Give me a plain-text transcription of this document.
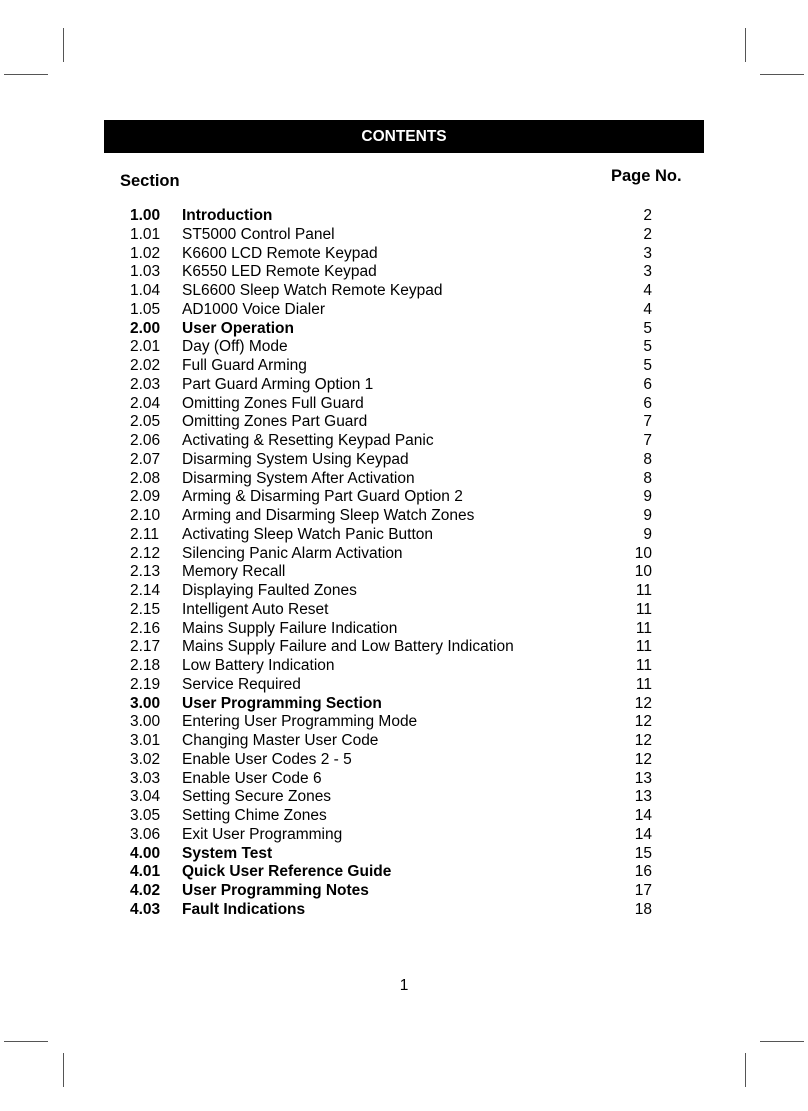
CONTENTS
Section	Page No.
1.00 Introduction	2
1.01 ST5000 Control Panel	2
1.02 K6600 LCD Remote Keypad	3
1.03 K6550 LED Remote Keypad	3
1.04 SL6600 Sleep Watch Remote Keypad	4
1.05 AD1000 Voice Dialer	4
2.00 User Operation	5
2.01 Day (Off) Mode	5
2.02 Full Guard Arming	5
2.03 Part Guard Arming Option 1	6
2.04 Omitting Zones Full Guard	6
2.05 Omitting Zones Part Guard	7
2.06 Activating & Resetting Keypad Panic	7
2.07 Disarming System Using Keypad	8
2.08 Disarming System After Activation	8
2.09 Arming & Disarming Part Guard Option 2	9
2.10 Arming and Disarming Sleep Watch Zones	9
2.11 Activating Sleep Watch Panic Button	9
2.12 Silencing Panic Alarm Activation	10
2.13 Memory Recall	10
2.14 Displaying Faulted Zones	11
2.15 Intelligent Auto Reset	11
2.16 Mains Supply Failure Indication	11
2.17 Mains Supply Failure and Low Battery Indication	11
2.18 Low Battery Indication	11
2.19 Service Required	11
3.00 User Programming Section	12
3.00 Entering User Programming Mode	12
3.01 Changing Master User Code	12
3.02 Enable User Codes 2 - 5	12
3.03 Enable User Code 6	13
3.04 Setting Secure Zones	13
3.05 Setting Chime Zones	14
3.06 Exit User Programming	14
4.00 System Test	15
4.01 Quick User Reference Guide	16
4.02 User Programming Notes	17
4.03 Fault Indications	18
1
